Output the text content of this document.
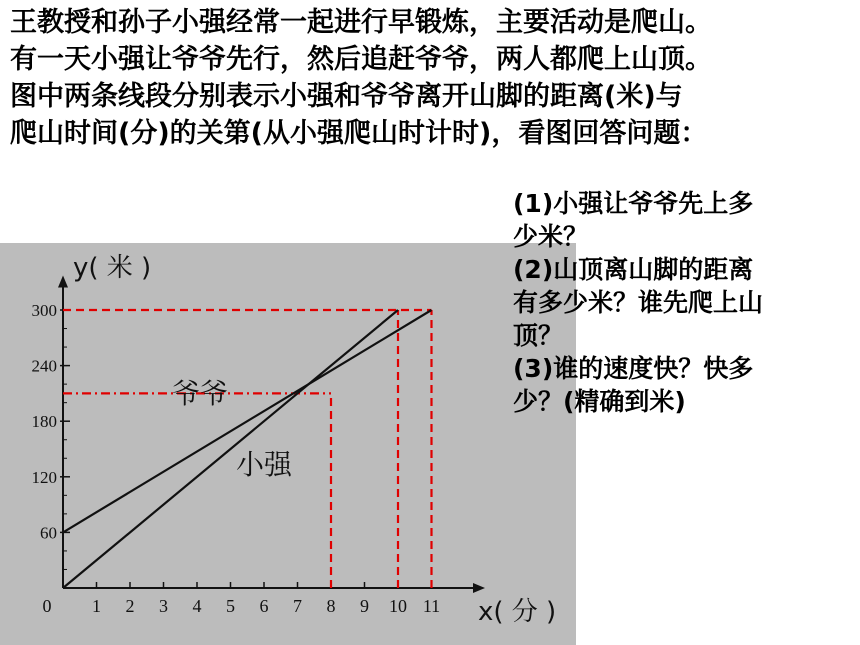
王教授和孙子小强经常一起进行早锻炼，主要活动是爬山。
有一天小强让爷爷先行，然后追赶爷爷，两人都爬上山顶。
图中两条线段分别表示小强和爷爷离开山脚的距离(米)与
爬山时间(分)的关第(从小强爬山时计时)，看图回答问题：
1 2 3 4 5 6 7 8 9 10 11
60
120
180
240
300
0
y( 米 )
x( 分 )
爷爷
小强
(1)小强让爷爷先上多
少米？
(2)山顶离山脚的距离
有多少米？谁先爬上山
顶？
(3)谁的速度快？快多
少？(精确到米)
